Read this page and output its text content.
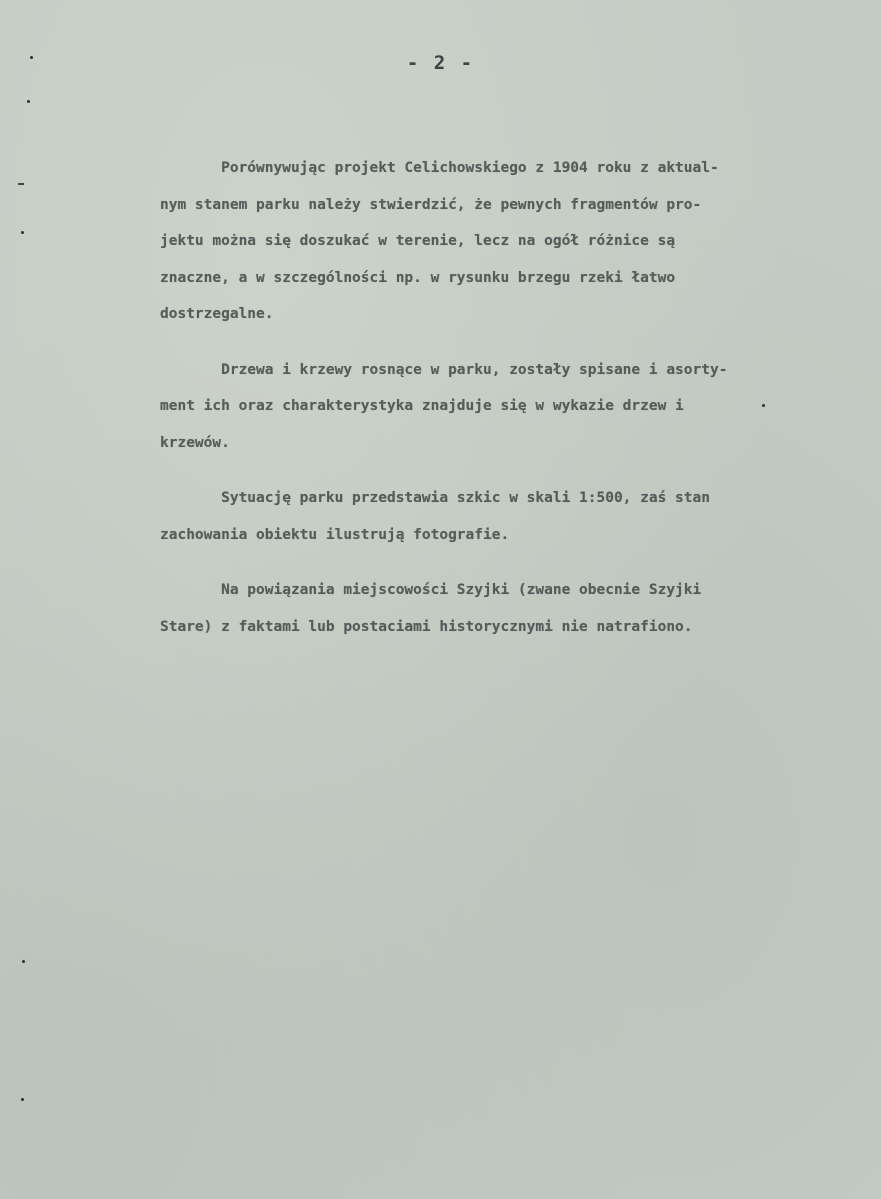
- 2 -
Porównywując projekt Celichowskiego z 1904 roku z aktual-
nym stanem parku należy stwierdzić, że pewnych fragmentów pro-
jektu można się doszukać w terenie, lecz na ogół różnice są
znaczne, a w szczególności np. w rysunku brzegu rzeki łatwo
dostrzegalne.
Drzewa i krzewy rosnące w parku, zostały spisane i asorty-
ment ich oraz charakterystyka znajduje się w wykazie drzew i
krzewów.
Sytuację parku przedstawia szkic w skali 1:500, zaś stan
zachowania obiektu ilustrują fotografie.
Na powiązania miejscowości Szyjki (zwane obecnie Szyjki
Stare) z faktami lub postaciami historycznymi nie natrafiono.
